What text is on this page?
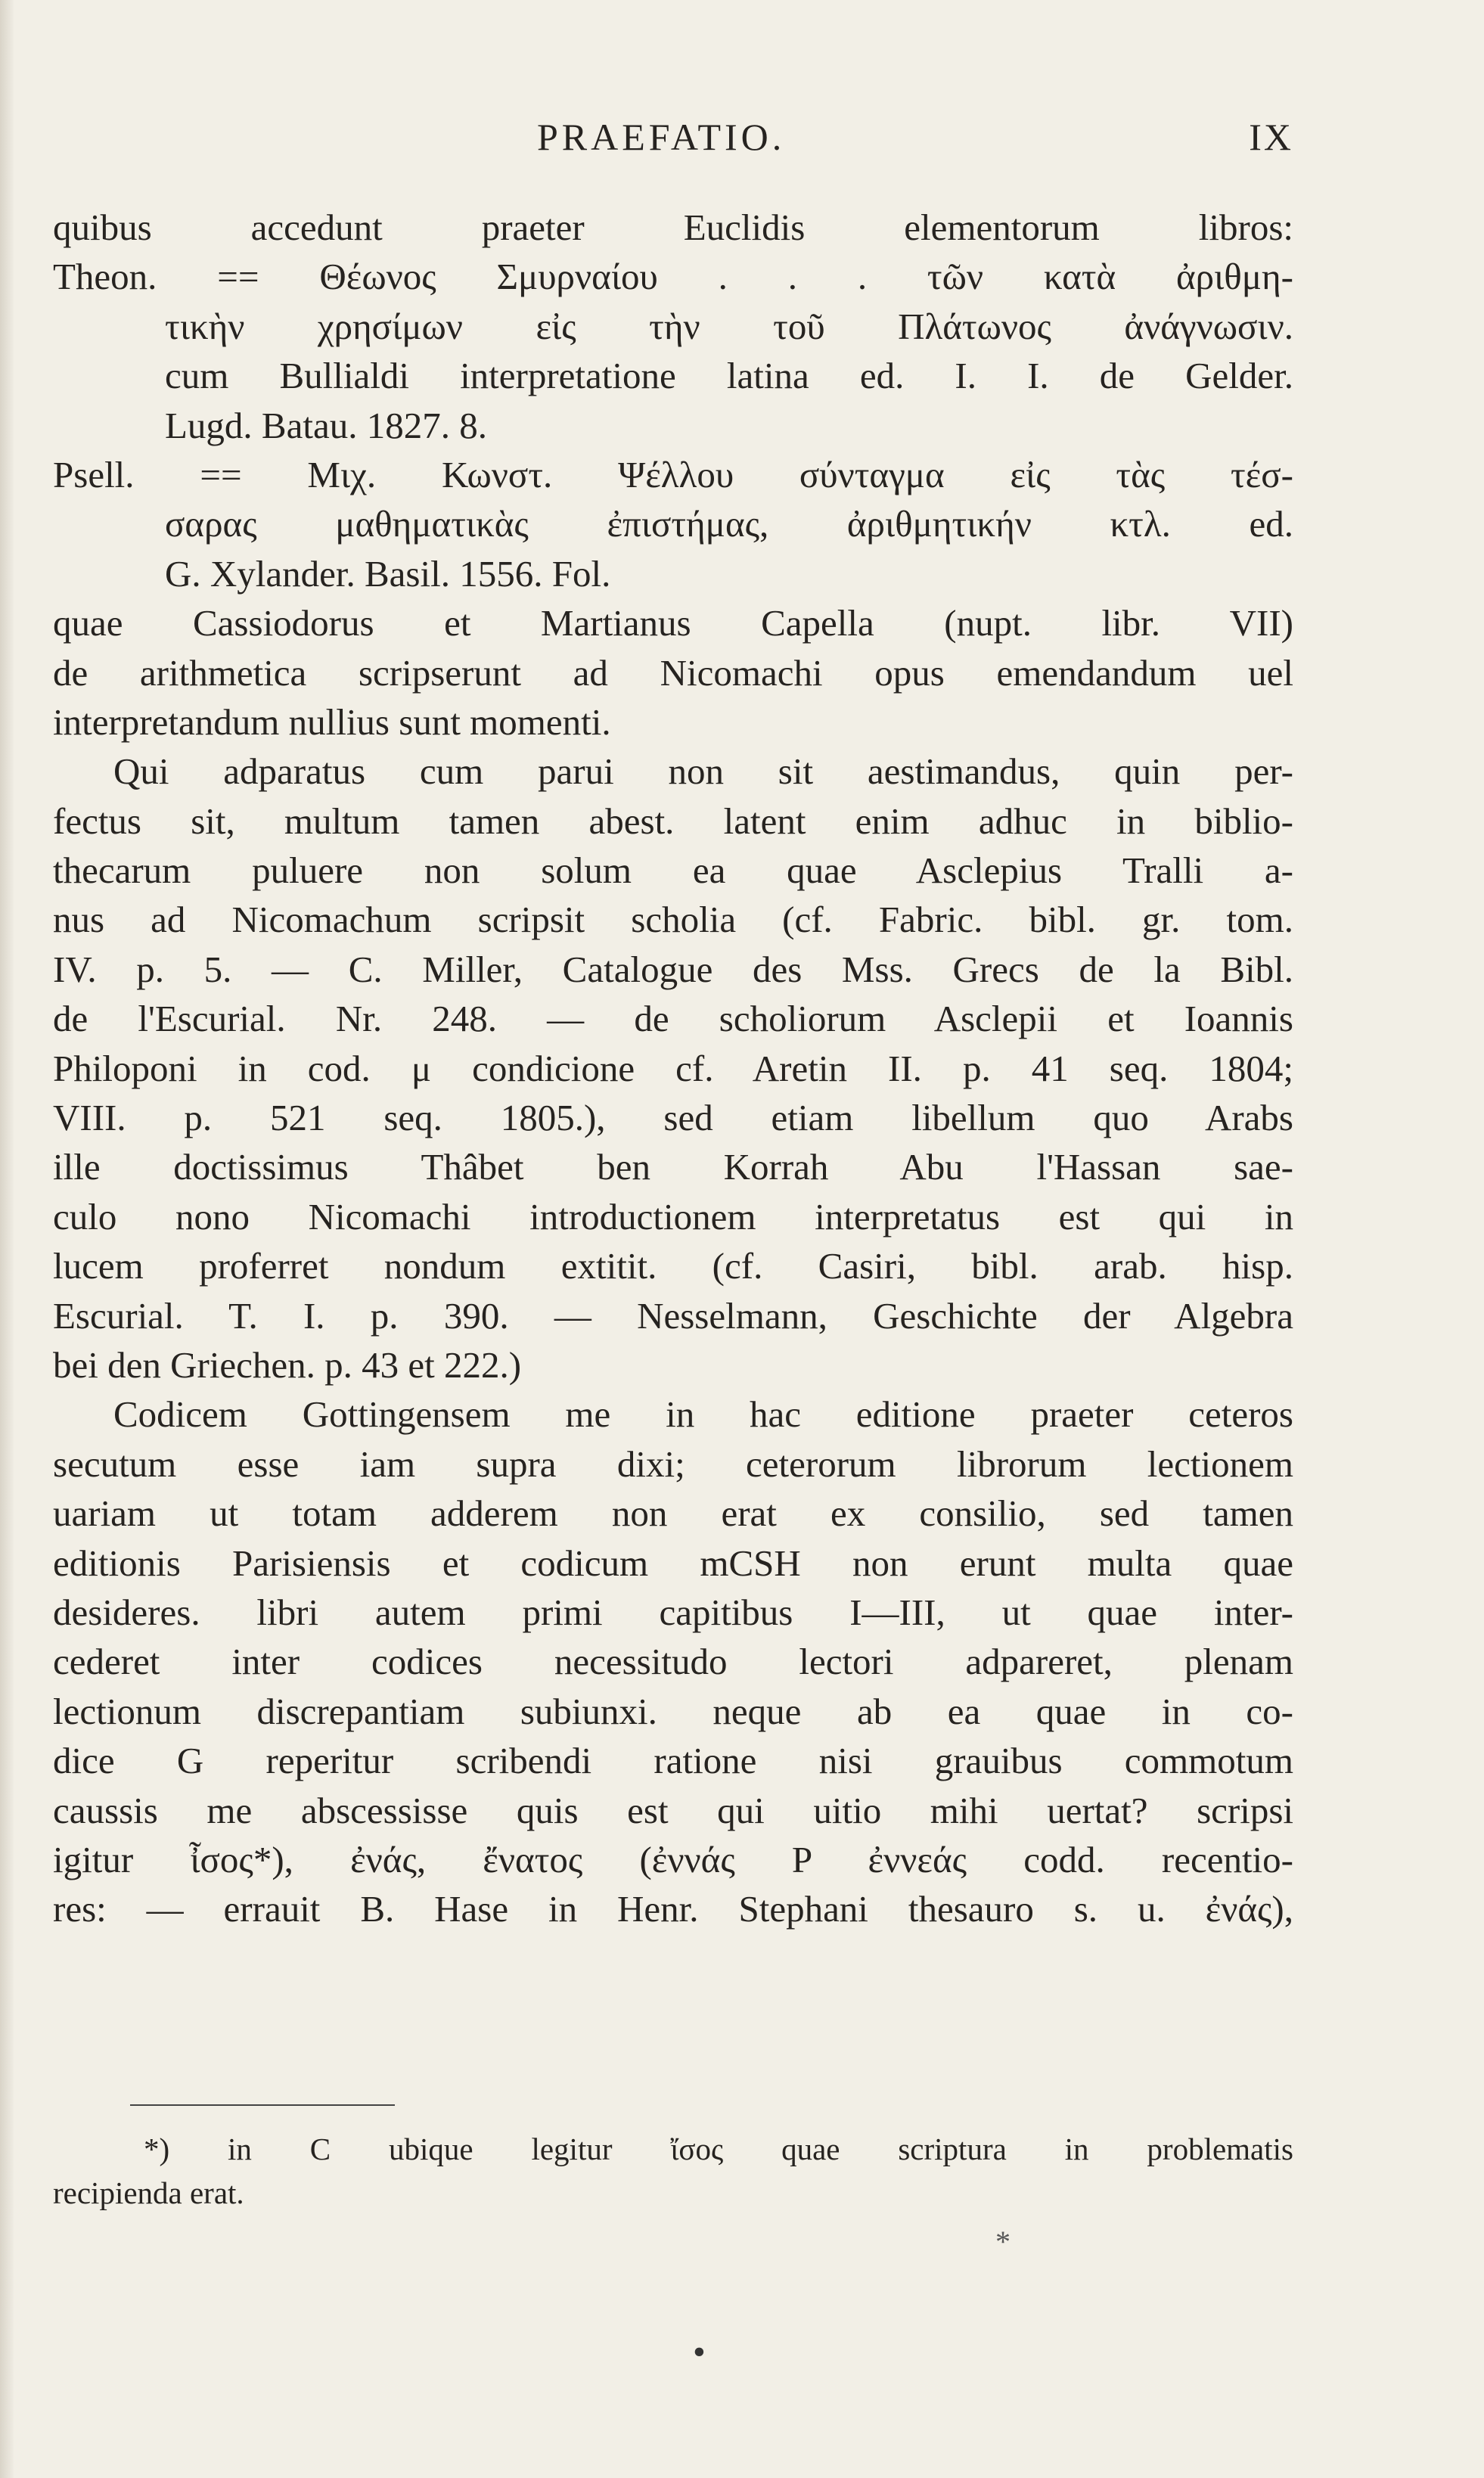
PRAEFATIO.	IX
quibus accedunt praeter Euclidis elementorum libros:
Theon. == Θέωνος Σμυρναίου . . . τῶν κατὰ ἀριθμη-
τικὴν χρησίμων εἰς τὴν τοῦ Πλάτωνος ἀνάγνωσιν.
cum Bullialdi interpretatione latina ed. I. I. de Gelder.
Lugd. Batau. 1827. 8.
Psell. == Μιχ. Κωνστ. Ψέλλου σύνταγμα εἰς τὰς τέσ-
σαρας μαθηματικὰς ἐπιστήμας, ἀριθμητικήν κτλ. ed.
G. Xylander. Basil. 1556. Fol.
quae Cassiodorus et Martianus Capella (nupt. libr. VII)
de arithmetica scripserunt ad Nicomachi opus emendandum uel
interpretandum nullius sunt momenti.
Qui adparatus cum parui non sit aestimandus, quin per-
fectus sit, multum tamen abest. latent enim adhuc in biblio-
thecarum puluere non solum ea quae Asclepius Tralli a-
nus ad Nicomachum scripsit scholia (cf. Fabric. bibl. gr. tom.
IV. p. 5. — C. Miller, Catalogue des Mss. Grecs de la Bibl.
de l'Escurial. Nr. 248. — de scholiorum Asclepii et Ioannis
Philoponi in cod. μ condicione cf. Aretin II. p. 41 seq. 1804;
VIII. p. 521 seq. 1805.), sed etiam libellum quo Arabs
ille doctissimus Thâbet ben Korrah Abu l'Hassan sae-
culo nono Nicomachi introductionem interpretatus est qui in
lucem proferret nondum extitit. (cf. Casiri, bibl. arab. hisp.
Escurial. T. I. p. 390. — Nesselmann, Geschichte der Algebra
bei den Griechen. p. 43 et 222.)
Codicem Gottingensem me in hac editione praeter ceteros
secutum esse iam supra dixi; ceterorum librorum lectionem
uariam ut totam adderem non erat ex consilio, sed tamen
editionis Parisiensis et codicum mCSH non erunt multa quae
desideres. libri autem primi capitibus I—III, ut quae inter-
cederet inter codices necessitudo lectori adpareret, plenam
lectionum discrepantiam subiunxi. neque ab ea quae in co-
dice G reperitur scribendi ratione nisi grauibus commotum
caussis me abscessisse quis est qui uitio mihi uertat? scripsi
igitur ἶσος*), ἐνάς, ἔνατος (ἐννάς P ἐννεάς codd. recentio-
res: — errauit B. Hase in Henr. Stephani thesauro s. u. ἐνάς),
*) in C ubique legitur ἴσος quae scriptura in problematis
recipienda erat.
*
•
